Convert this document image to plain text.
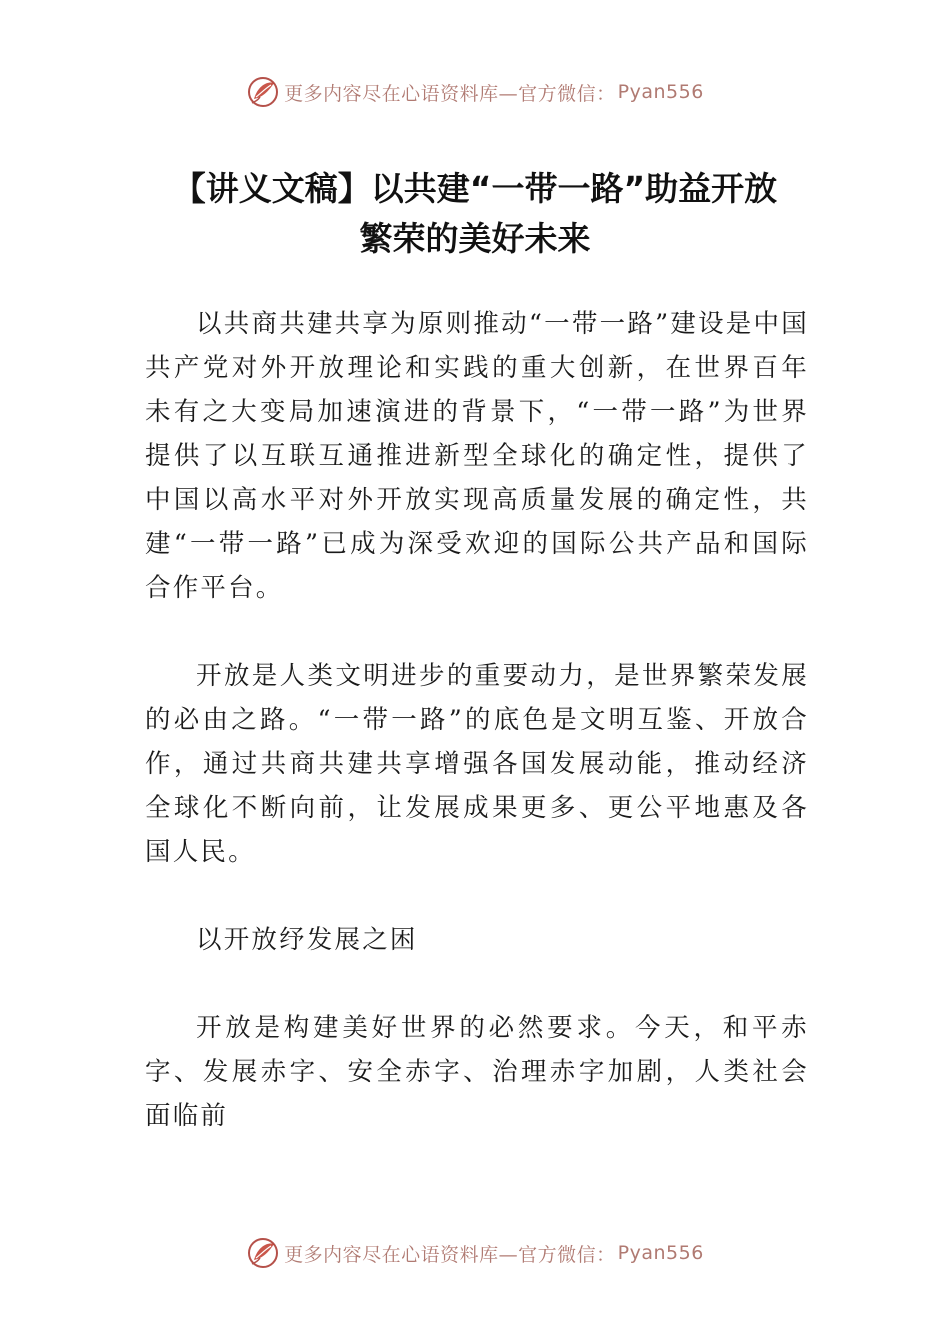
更多内容尽在心语资料库—官方微信： Pyan556
【讲义文稿】以共建“一带一路”助益开放
繁荣的美好未来

以共商共建共享为原则推动“一带一路”建设是中国共产党对外开放理论和实践的重大创新，在世界百年未有之大变局加速演进的背景下，“一带一路”为世界提供了以互联互通推进新型全球化的确定性，提供了中国以高水平对外开放实现高质量发展的确定性，共建“一带一路”已成为深受欢迎的国际公共产品和国际合作平台。

开放是人类文明进步的重要动力，是世界繁荣发展的必由之路。“一带一路”的底色是文明互鉴、开放合作，通过共商共建共享增强各国发展动能，推动经济全球化不断向前，让发展成果更多、更公平地惠及各国人民。

以开放纾发展之困

开放是构建美好世界的必然要求。今天，和平赤字、发展赤字、安全赤字、治理赤字加剧，人类社会面临前

更多内容尽在心语资料库—官方微信： Pyan556
